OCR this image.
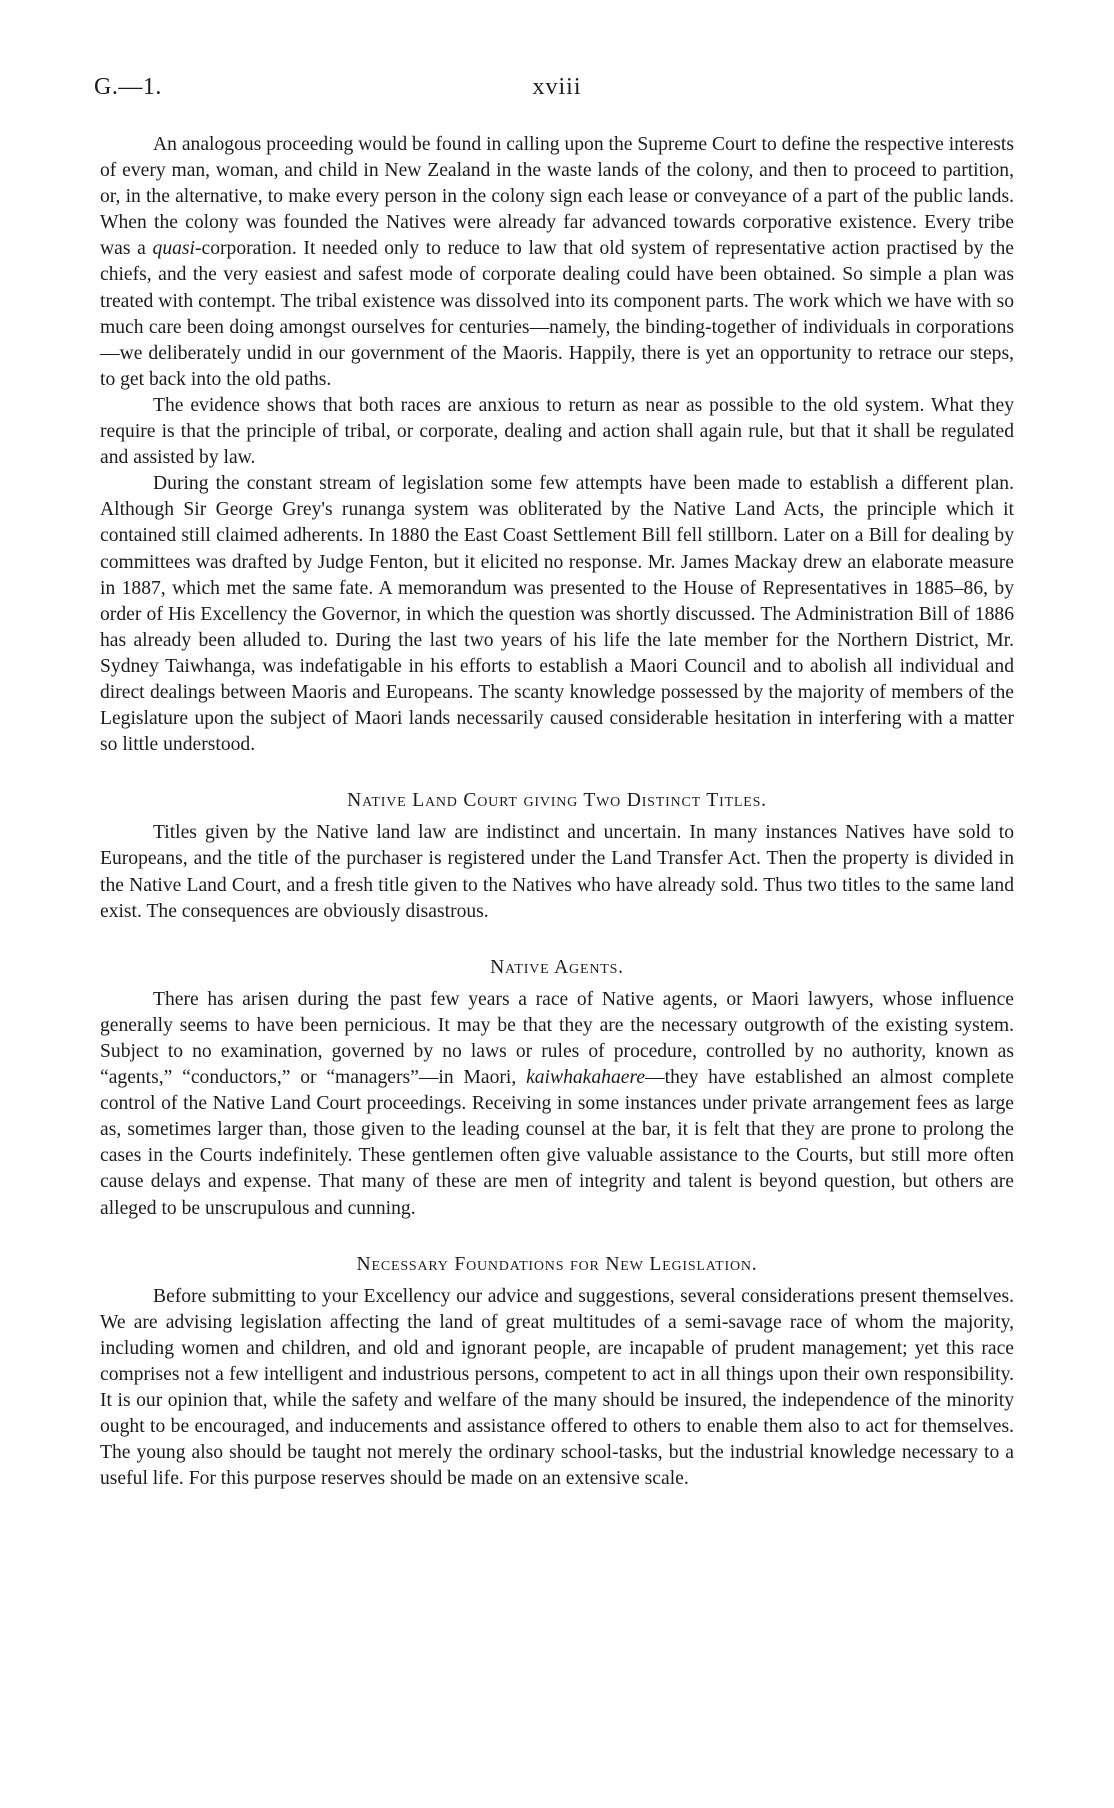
G.—1.	xviii

An analogous proceeding would be found in calling upon the Supreme Court to define the respective interests of every man, woman, and child in New Zealand in the waste lands of the colony, and then to proceed to partition, or, in the alternative, to make every person in the colony sign each lease or conveyance of a part of the public lands. When the colony was founded the Natives were already far advanced towards corporative existence. Every tribe was a quasi-corporation. It needed only to reduce to law that old system of representative action practised by the chiefs, and the very easiest and safest mode of corporate dealing could have been obtained. So simple a plan was treated with contempt. The tribal existence was dissolved into its component parts. The work which we have with so much care been doing amongst ourselves for centuries—namely, the binding-together of individuals in corporations—we deliberately undid in our government of the Maoris. Happily, there is yet an opportunity to retrace our steps, to get back into the old paths.

The evidence shows that both races are anxious to return as near as possible to the old system. What they require is that the principle of tribal, or corporate, dealing and action shall again rule, but that it shall be regulated and assisted by law.

During the constant stream of legislation some few attempts have been made to establish a different plan. Although Sir George Grey's runanga system was obliterated by the Native Land Acts, the principle which it contained still claimed adherents. In 1880 the East Coast Settlement Bill fell stillborn. Later on a Bill for dealing by committees was drafted by Judge Fenton, but it elicited no response. Mr. James Mackay drew an elaborate measure in 1887, which met the same fate. A memorandum was presented to the House of Representatives in 1885–86, by order of His Excellency the Governor, in which the question was shortly discussed. The Administration Bill of 1886 has already been alluded to. During the last two years of his life the late member for the Northern District, Mr. Sydney Taiwhanga, was indefatigable in his efforts to establish a Maori Council and to abolish all individual and direct dealings between Maoris and Europeans. The scanty knowledge possessed by the majority of members of the Legislature upon the subject of Maori lands necessarily caused considerable hesitation in interfering with a matter so little understood.

Native Land Court giving Two Distinct Titles.

Titles given by the Native land law are indistinct and uncertain. In many instances Natives have sold to Europeans, and the title of the purchaser is registered under the Land Transfer Act. Then the property is divided in the Native Land Court, and a fresh title given to the Natives who have already sold. Thus two titles to the same land exist. The consequences are obviously disastrous.

Native Agents.

There has arisen during the past few years a race of Native agents, or Maori lawyers, whose influence generally seems to have been pernicious. It may be that they are the necessary outgrowth of the existing system. Subject to no examination, governed by no laws or rules of procedure, controlled by no authority, known as “agents,” “conductors,” or “managers”—in Maori, kaiwhakahaere—they have established an almost complete control of the Native Land Court proceedings. Receiving in some instances under private arrangement fees as large as, sometimes larger than, those given to the leading counsel at the bar, it is felt that they are prone to prolong the cases in the Courts indefinitely. These gentlemen often give valuable assistance to the Courts, but still more often cause delays and expense. That many of these are men of integrity and talent is beyond question, but others are alleged to be unscrupulous and cunning.

Necessary Foundations for New Legislation.

Before submitting to your Excellency our advice and suggestions, several considerations present themselves. We are advising legislation affecting the land of great multitudes of a semi-savage race of whom the majority, including women and children, and old and ignorant people, are incapable of prudent management; yet this race comprises not a few intelligent and industrious persons, competent to act in all things upon their own responsibility. It is our opinion that, while the safety and welfare of the many should be insured, the independence of the minority ought to be encouraged, and inducements and assistance offered to others to enable them also to act for themselves. The young also should be taught not merely the ordinary school-tasks, but the industrial knowledge necessary to a useful life. For this purpose reserves should be made on an extensive scale.
